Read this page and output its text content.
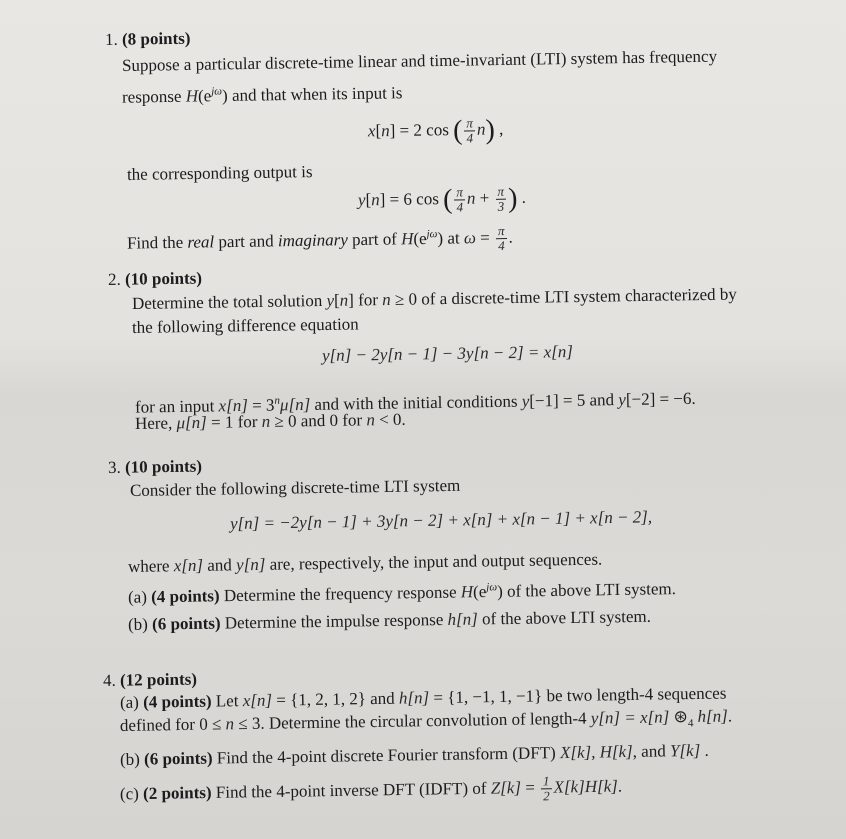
1. (8 points)
Suppose a particular discrete-time linear and time-invariant (LTI) system has frequency
response $H(e^{j\omega})$ and that when its input is
x[n] = 2 cos ( $\frac{\pi}{4} n$) ,
the corresponding output is
y[n] = 6 cos ( $\frac{\pi}{4}$ $n + \frac{\pi}{3}$ ) .
Find the real part and imaginary part of $H(e^{j\omega})$ at $\omega = \frac{\pi}{4}$ .
2. (10 points)
Determine the total solution y[n] for n ≥ 0 of a discrete-time LTI system characterized by
the following difference equation
y[n] − 2y[n − 1] − 3y[n − 2] = x[n]
for an input $x[n] = 3^n\mu[n]$ and with the initial conditions y[−1] = 5 and y[−2] = −6.
Here, μ[n] = 1 for n ≥ 0 and 0 for n < 0.
3. (10 points)
Consider the following discrete-time LTI system
y[n] = −2y[n − 1] + 3y[n − 2] + x[n] + x[n − 1] + x[n − 2],
where x[n] and y[n] are, respectively, the input and output sequences.
(a) (4 points) Determine the frequency response $H(e^{j\omega})$ of the above LTI system.
(b) (6 points) Determine the impulse response h[n] of the above LTI system.
4. (12 points)
(a) (4 points) Let x[n] = {1, 2, 1, 2} and h[n] = {1, −1, 1, −1} be two length-4 sequences
defined for 0 ≤ n ≤ 3. Determine the circular convolution of length-4 y[n] = x[n] $⊛_4$ h[n].
(b) (6 points) Find the 4-point discrete Fourier transform (DFT) X[k], H[k], and Y[k] .
(c) (2 points) Find the 4-point inverse DFT (IDFT) of $Z[k] = \frac{1}{2} X[k]H[k]$.
